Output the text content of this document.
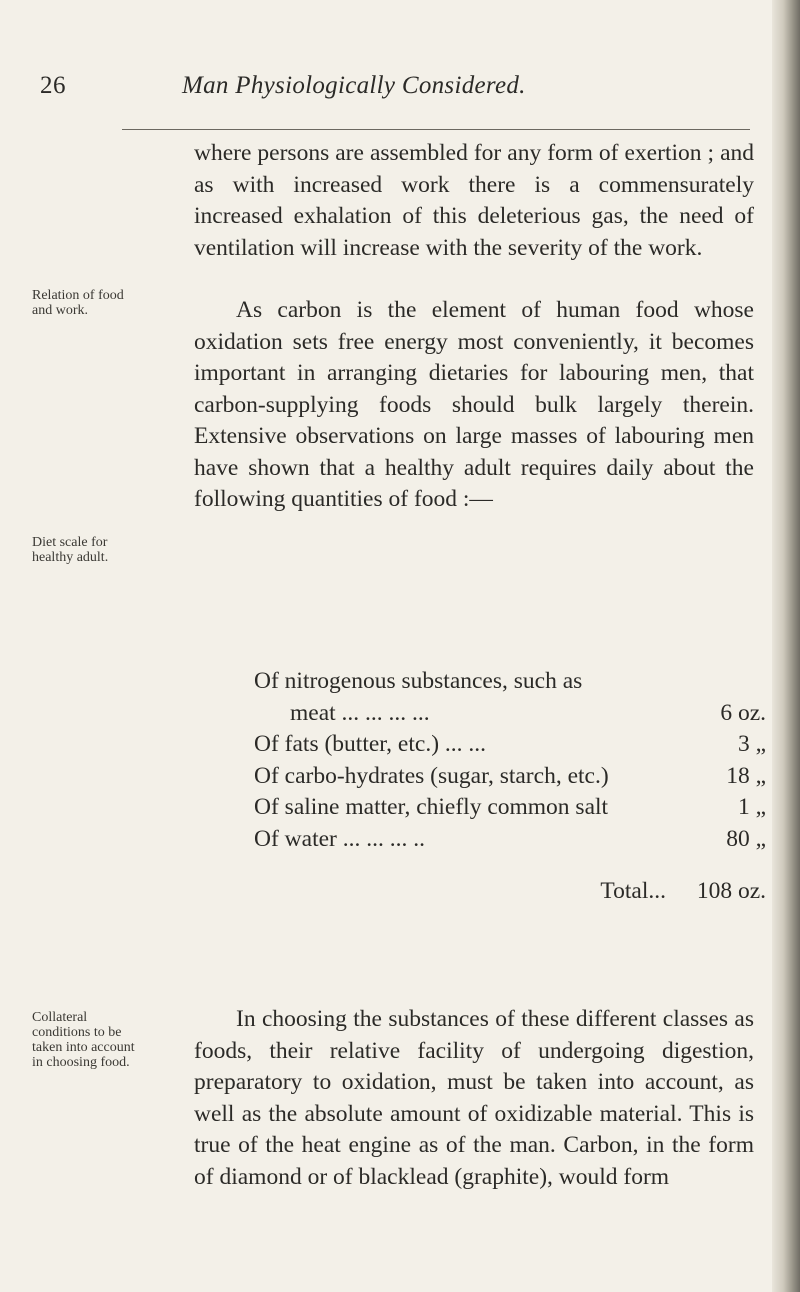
26	Man Physiologically Considered.
Relation of food and work.
Diet scale for healthy adult.
Collateral conditions to be taken into account in choosing food.

where persons are assembled for any form of exertion ; and as with increased work there is a commensurately increased exhalation of this deleterious gas, the need of ventilation will increase with the severity of the work.

As carbon is the element of human food whose oxidation sets free energy most conveniently, it becomes important in arranging dietaries for labouring men, that carbon-supplying foods should bulk largely therein. Extensive observations on large masses of labouring men have shown that a healthy adult requires daily about the following quantities of food :—

Of nitrogenous substances, such as
meat ... ... ... ...	6 oz.
Of fats (butter, etc.) ... ...	3 „
Of carbo-hydrates (sugar, starch, etc.)	18 „
Of saline matter, chiefly common salt	1 „
Of water ... ... ... ..	80 „
Total... 108 oz.

In choosing the substances of these different classes as foods, their relative facility of undergoing digestion, preparatory to oxidation, must be taken into account, as well as the absolute amount of oxidizable material. This is true of the heat engine as of the man. Carbon, in the form of diamond or of blacklead (graphite), would form
